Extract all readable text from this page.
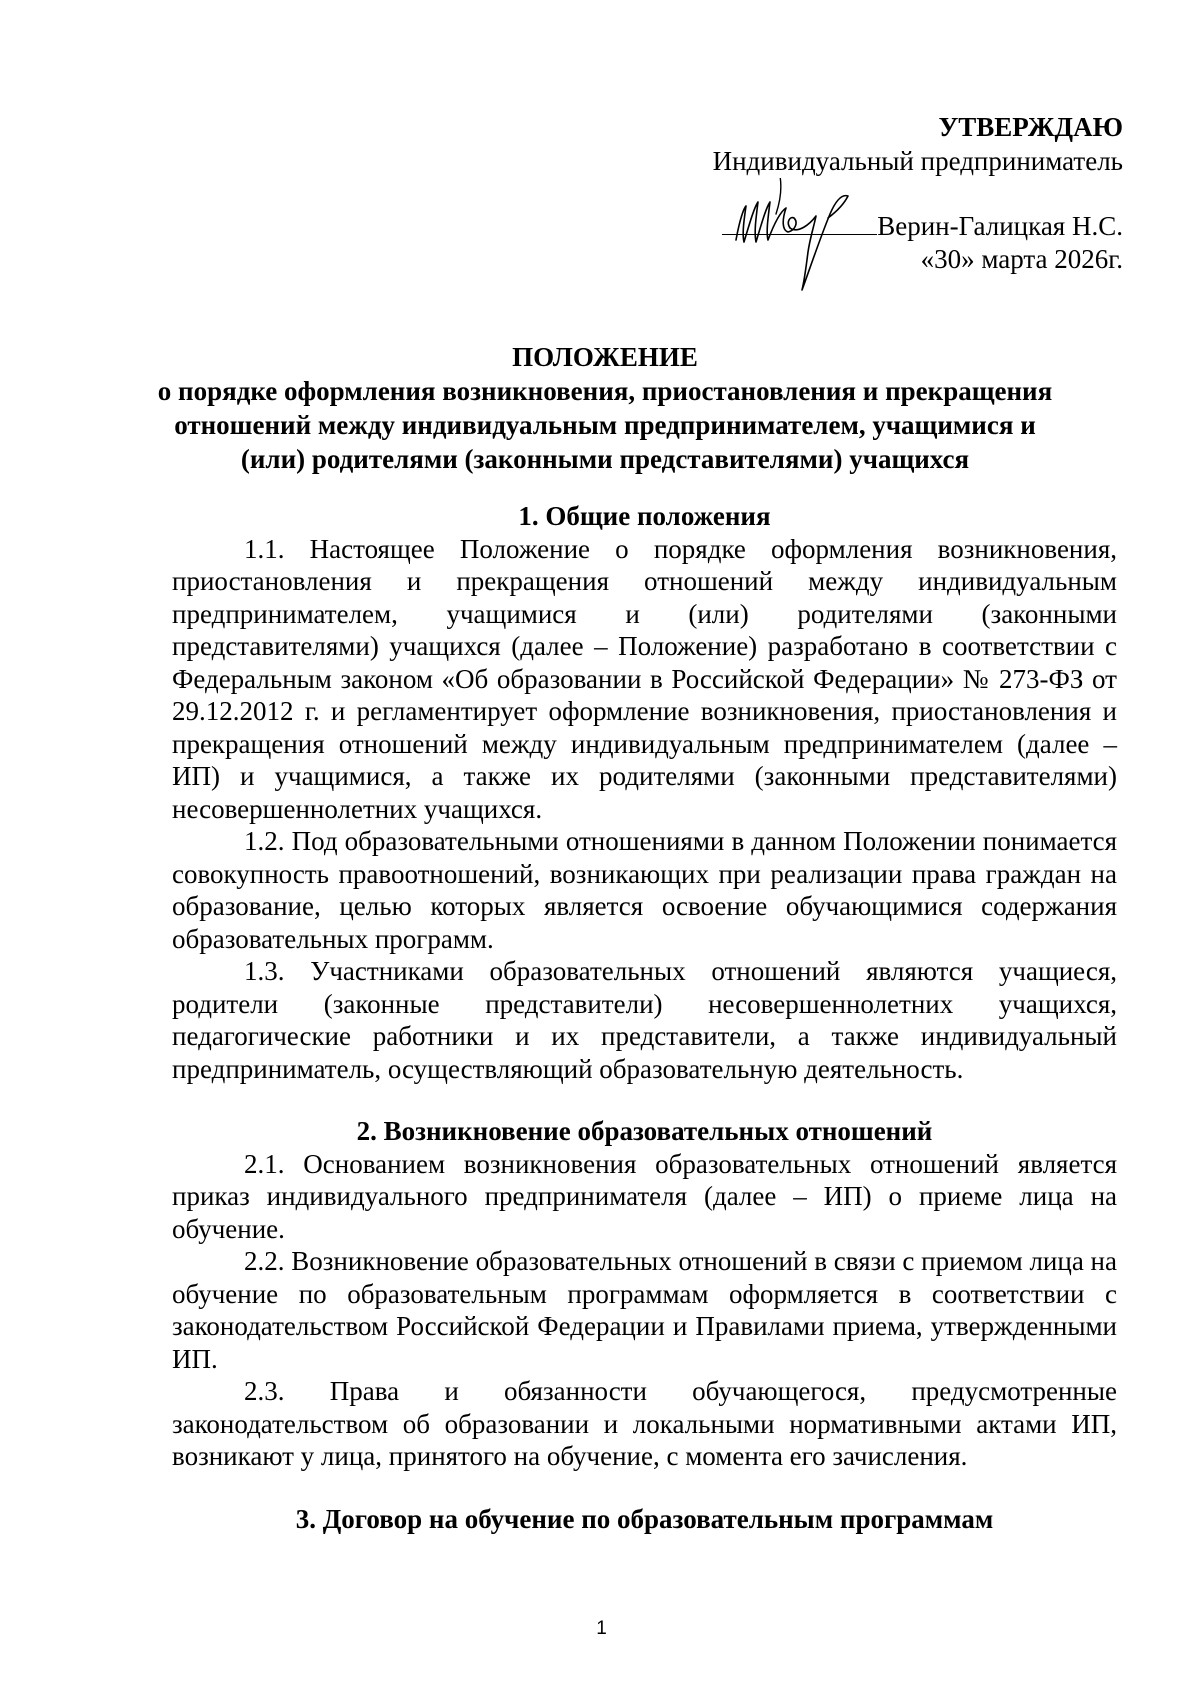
УТВЕРЖДАЮ
Индивидуальный предприниматель
Верин-Галицкая Н.С.
«30» марта 2026г.
ПОЛОЖЕНИЕ
о порядке оформления возникновения, приостановления и прекращения отношений между индивидуальным предпринимателем, учащимися и (или) родителями (законными представителями) учащихся

1. Общие положения

1.1. Настоящее Положение о порядке оформления возникновения, приостановления и прекращения отношений между индивидуальным предпринимателем, учащимися и (или) родителями (законными представителями) учащихся (далее – Положение) разработано в соответствии с Федеральным законом «Об образовании в Российской Федерации» № 273-ФЗ от 29.12.2012 г. и регламентирует оформление возникновения, приостановления и прекращения отношений между индивидуальным предпринимателем (далее – ИП) и учащимися, а также их родителями (законными представителями) несовершеннолетних учащихся.

1.2. Под образовательными отношениями в данном Положении понимается совокупность правоотношений, возникающих при реализации права граждан на образование, целью которых является освоение обучающимися содержания образовательных программ.

1.3. Участниками образовательных отношений являются учащиеся, родители (законные представители) несовершеннолетних учащихся, педагогические работники и их представители, а также индивидуальный предприниматель, осуществляющий образовательную деятельность.

2. Возникновение образовательных отношений

2.1. Основанием возникновения образовательных отношений является приказ индивидуального предпринимателя (далее – ИП) о приеме лица на обучение.

2.2. Возникновение образовательных отношений в связи с приемом лица на обучение по образовательным программам оформляется в соответствии с законодательством Российской Федерации и Правилами приема, утвержденными ИП.

2.3. Права и обязанности обучающегося, предусмотренные законодательством об образовании и локальными нормативными актами ИП, возникают у лица, принятого на обучение, с момента его зачисления.

3. Договор на обучение по образовательным программам

1
